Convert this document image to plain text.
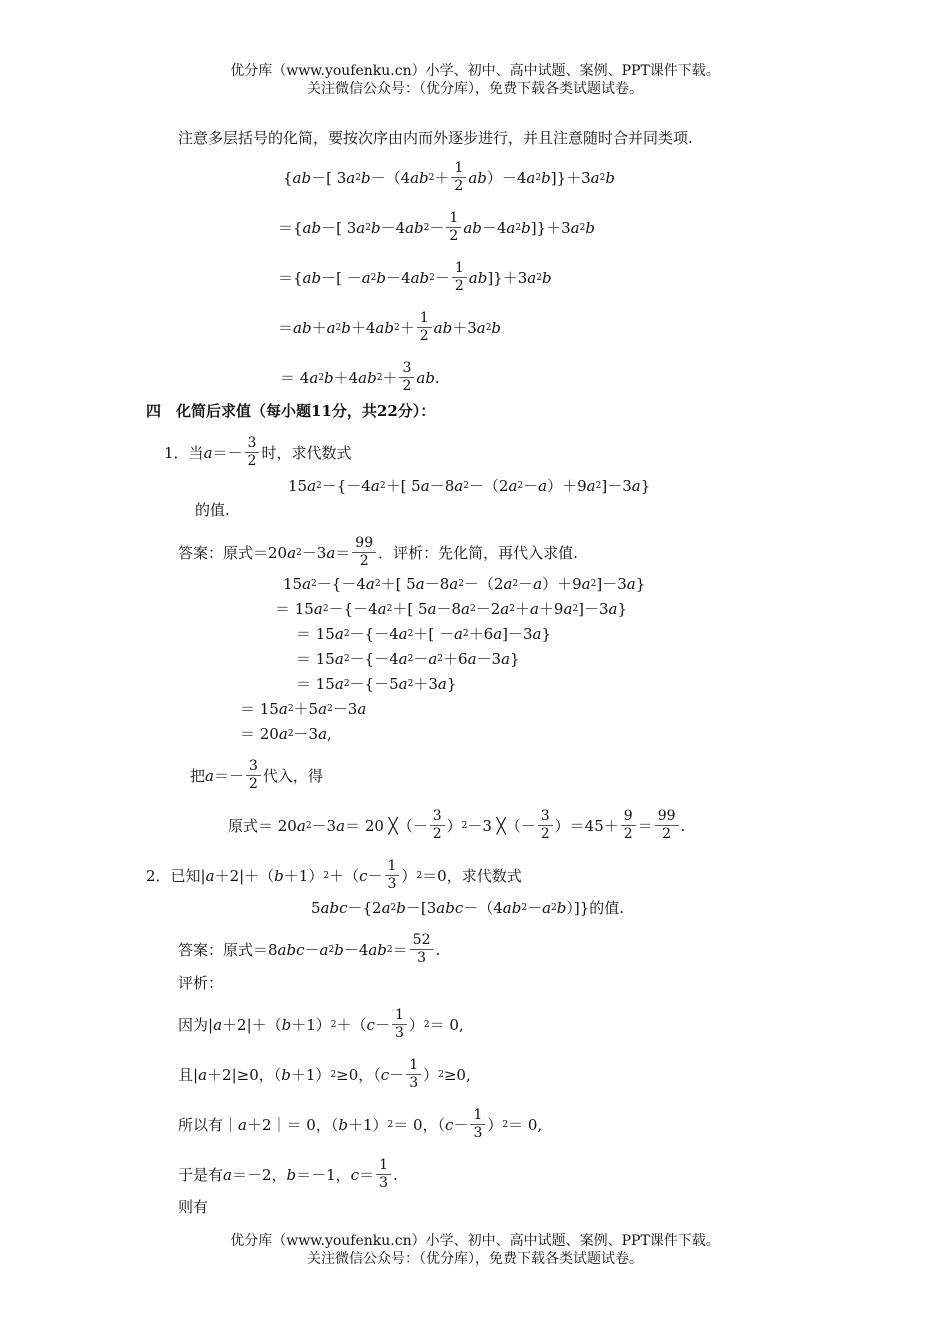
优分库（www.youfenku.cn）小学、初中、高中试题、案例、PPT课件下载。
关注微信公众号：（优分库），免费下载各类试题试卷。
注意多层括号的化简，要按次序由内而外逐步进行，并且注意随时合并同类项.
{ ab －[ 3 a 2 b －（4 ab $2 + \frac{1}{2}$ ab ）－4 a 2 b ]}＋3 a 2 b
＝{ ab －[ 3 a 2 b －4 ab $2 - \frac{1}{2}$ ab －4 a 2 b ]}＋3 a 2 b
＝{ ab －[ － a 2 b －4 ab $2 - \frac{1}{2}$ ab ]}＋3 a 2 b
＝ ab ＋ a 2 b ＋4 ab $2 + \frac{1}{2}$ ab ＋3 a 2 b
＝ 4 a 2 b ＋4 ab $2 + \frac{3}{2}$ ab .
四　化简后求值（每小题11分，共22分）：
1． 当 $a =- \frac{3}{2}$ 时，求代数式
15 a 2 －{－4 a 2 ＋[ 5 a －8 a 2 －（2 a 2 － a ）＋9 a 2 ]－3 a }
的值.
答案：原式＝20 a 2 －3 $a = \frac{99}{2}$ ．评析：先化简，再代入求值.
15 a 2 －{－4 a 2 ＋[ 5 a －8 a 2 －（2 a 2 － a ）＋9 a 2 ]－3 a }
＝ 15 a 2 －{－4 a 2 ＋[ 5 a －8 a 2 －2 a 2 ＋ a ＋9 a 2 ]－3 a }
＝ 15 a 2 －{－4 a 2 ＋[ － a 2 ＋6 a ]－3 a }
＝ 15 a 2 －{－4 a 2 － a 2 ＋6 a －3 a }
＝ 15 a 2 －{－5 a 2 ＋3 a }
＝ 15 a 2 ＋5 a 2 －3 a
＝ 20 a 2 －3 a ,
把 $a =- \frac{3}{2}$ 代入，得
原式＝ 20 a 2 －3 a ＝ 20 ╳（－ $\frac{3}{2}$ ） 2 －3 ╳（－ $\frac{3}{2}$ ） $=45+ \frac{9}{2} = \frac{99}{2}$ .
2． 已知| a ＋2|＋（ b ＋1） 2 ＋（ $c - \frac{1}{3}$ ） 2 ＝0，求代数式
5 abc －{2 a 2 b －[3 abc －（4 ab 2 － a 2 b ）]}的值.
答案：原式＝8 abc － a 2 b －4 ab $2 = \frac{52}{3}$ .
评析：
因为 | a ＋2|＋（ b ＋1） 2 ＋（ $c - \frac{1}{3}$ ） 2 ＝ 0,
且 | a ＋2|≥0，（ b ＋1） 2 ≥0，（ $c - \frac{1}{3}$ ） 2 ≥0,
所以有 ｜ a ＋2｜＝ 0，（ b ＋1） 2 ＝ 0，（ $c - \frac{1}{3}$ ） 2 ＝ 0,
于是有 a ＝－2， b ＝－1， $c = \frac{1}{3}$ .
则有
优分库（www.youfenku.cn）小学、初中、高中试题、案例、PPT课件下载。
关注微信公众号：（优分库），免费下载各类试题试卷。
